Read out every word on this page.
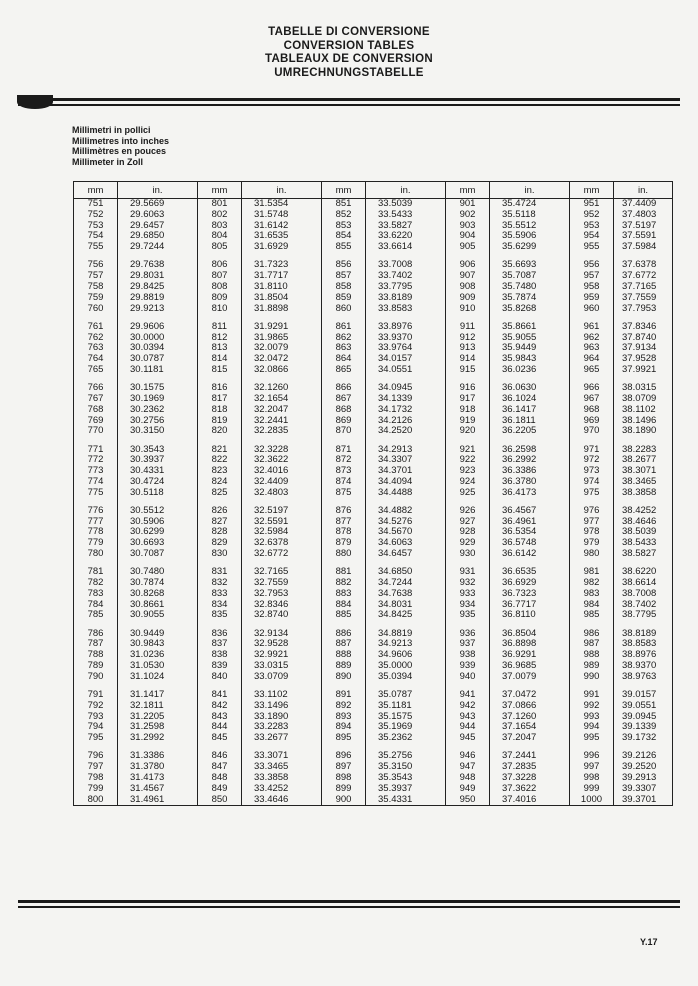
TABELLE DI CONVERSIONE
CONVERSION TABLES
TABLEAUX DE CONVERSION
UMRECHNUNGSTABELLE
Millimetri in pollici
Millimetres into inches
Millimètres en pouces
Millimeter in Zoll
mm	in.	mm	in.	mm	in.	mm	in.	mm	in.
751	29.5669	801	31.5354	851	33.5039	901	35.4724	951	37.4409
752	29.6063	802	31.5748	852	33.5433	902	35.5118	952	37.4803
753	29.6457	803	31.6142	853	33.5827	903	35.5512	953	37.5197
754	29.6850	804	31.6535	854	33.6220	904	35.5906	954	37.5591
755	29.7244	805	31.6929	855	33.6614	905	35.6299	955	37.5984

756	29.7638	806	31.7323	856	33.7008	906	35.6693	956	37.6378
757	29.8031	807	31.7717	857	33.7402	907	35.7087	957	37.6772
758	29.8425	808	31.8110	858	33.7795	908	35.7480	958	37.7165
759	29.8819	809	31.8504	859	33.8189	909	35.7874	959	37.7559
760	29.9213	810	31.8898	860	33.8583	910	35.8268	960	37.7953

761	29.9606	811	31.9291	861	33.8976	911	35.8661	961	37.8346
762	30.0000	812	31.9865	862	33.9370	912	35.9055	962	37.8740
763	30.0394	813	32.0079	863	33.9764	913	35.9449	963	37.9134
764	30.0787	814	32.0472	864	34.0157	914	35.9843	964	37.9528
765	30.1181	815	32.0866	865	34.0551	915	36.0236	965	37.9921

766	30.1575	816	32.1260	866	34.0945	916	36.0630	966	38.0315
767	30.1969	817	32.1654	867	34.1339	917	36.1024	967	38.0709
768	30.2362	818	32.2047	868	34.1732	918	36.1417	968	38.1102
769	30.2756	819	32.2441	869	34.2126	919	36.1811	969	38.1496
770	30.3150	820	32.2835	870	34.2520	920	36.2205	970	38.1890

771	30.3543	821	32.3228	871	34.2913	921	36.2598	971	38.2283
772	30.3937	822	32.3622	872	34.3307	922	36.2992	972	38.2677
773	30.4331	823	32.4016	873	34.3701	923	36.3386	973	38.3071
774	30.4724	824	32.4409	874	34.4094	924	36.3780	974	38.3465
775	30.5118	825	32.4803	875	34.4488	925	36.4173	975	38.3858

776	30.5512	826	32.5197	876	34.4882	926	36.4567	976	38.4252
777	30.5906	827	32.5591	877	34.5276	927	36.4961	977	38.4646
778	30.6299	828	32.5984	878	34.5670	928	36.5354	978	38.5039
779	30.6693	829	32.6378	879	34.6063	929	36.5748	979	38.5433
780	30.7087	830	32.6772	880	34.6457	930	36.6142	980	38.5827

781	30.7480	831	32.7165	881	34.6850	931	36.6535	981	38.6220
782	30.7874	832	32.7559	882	34.7244	932	36.6929	982	38.6614
783	30.8268	833	32.7953	883	34.7638	933	36.7323	983	38.7008
784	30.8661	834	32.8346	884	34.8031	934	36.7717	984	38.7402
785	30.9055	835	32.8740	885	34.8425	935	36.8110	985	38.7795

786	30.9449	836	32.9134	886	34.8819	936	36.8504	986	38.8189
787	30.9843	837	32.9528	887	34.9213	937	36.8898	987	38.8583
788	31.0236	838	32.9921	888	34.9606	938	36.9291	988	38.8976
789	31.0530	839	33.0315	889	35.0000	939	36.9685	989	38.9370
790	31.1024	840	33.0709	890	35.0394	940	37.0079	990	38.9763

791	31.1417	841	33.1102	891	35.0787	941	37.0472	991	39.0157
792	32.1811	842	33.1496	892	35.1181	942	37.0866	992	39.0551
793	31.2205	843	33.1890	893	35.1575	943	37.1260	993	39.0945
794	31.2598	844	33.2283	894	35.1969	944	37.1654	994	39.1339
795	31.2992	845	33.2677	895	35.2362	945	37.2047	995	39.1732

796	31.3386	846	33.3071	896	35.2756	946	37.2441	996	39.2126
797	31.3780	847	33.3465	897	35.3150	947	37.2835	997	39.2520
798	31.4173	848	33.3858	898	35.3543	948	37.3228	998	39.2913
799	31.4567	849	33.4252	899	35.3937	949	37.3622	999	39.3307
800	31.4961	850	33.4646	900	35.4331	950	37.4016	1000	39.3701
Y.17
